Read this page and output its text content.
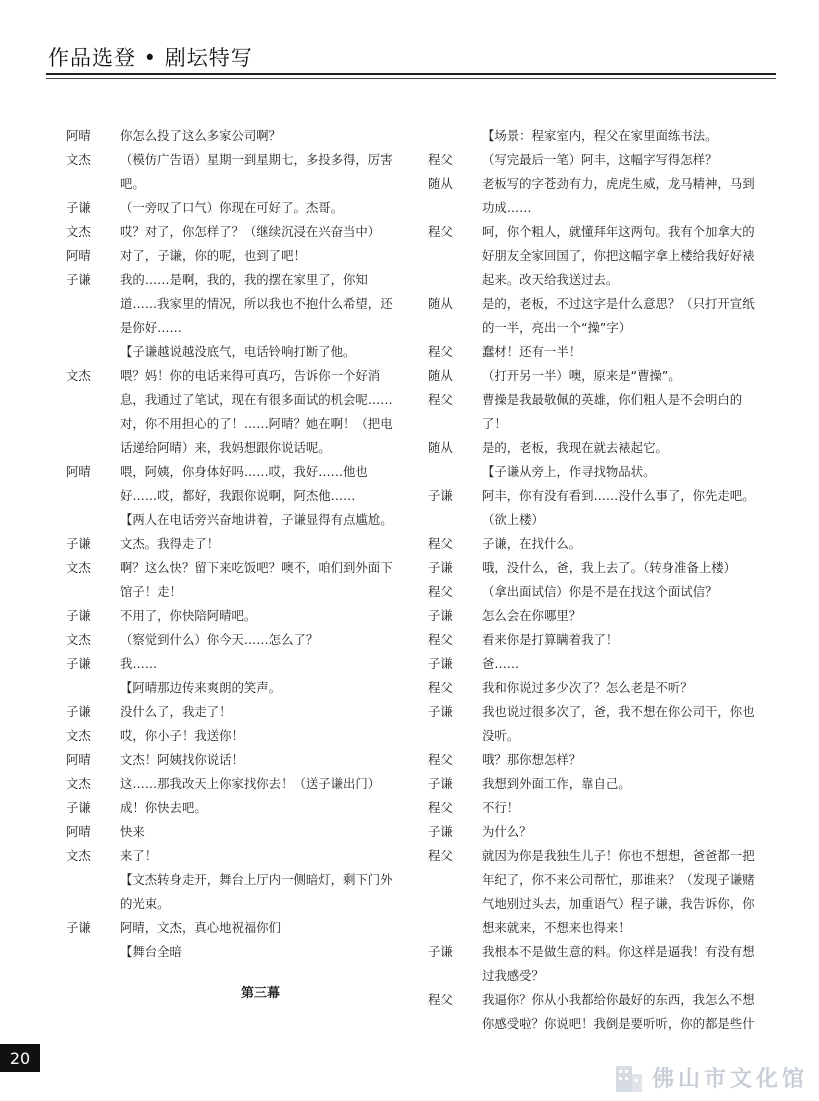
作品选登 • 剧坛特写
阿晴	你怎么投了这么多家公司啊？
文杰	（模仿广告语）星期一到星期七，多投多得，厉害吧。
子谦	（一旁叹了口气）你现在可好了。杰哥。
文杰	哎？对了，你怎样了？（继续沉浸在兴奋当中）
阿晴	对了，子谦，你的呢，也到了吧！
子谦	我的……是啊，我的，我的摆在家里了，你知道……我家里的情况，所以我也不抱什么希望，还是你好……
【子谦越说越没底气，电话铃响打断了他。
文杰	喂？妈！你的电话来得可真巧，告诉你一个好消息，我通过了笔试，现在有很多面试的机会呢……对，你不用担心的了！……阿晴？她在啊！（把电话递给阿晴）来，我妈想跟你说话呢。
阿晴	喂，阿姨，你身体好吗……哎，我好……他也好……哎，都好，我跟你说啊，阿杰他……
【两人在电话旁兴奋地讲着，子谦显得有点尴尬。
子谦	文杰。我得走了！
文杰	啊？这么快？留下来吃饭吧？噢不，咱们到外面下馆子！走！
子谦	不用了，你快陪阿晴吧。
文杰	（察觉到什么）你今天……怎么了？
子谦	我……
【阿晴那边传来爽朗的笑声。
子谦	没什么了，我走了！
文杰	哎，你小子！我送你！
阿晴	文杰！阿姨找你说话！
文杰	这……那我改天上你家找你去！（送子谦出门）
子谦	成！你快去吧。
阿晴	快来
文杰	来了！
【文杰转身走开，舞台上厅内一侧暗灯，剩下门外的光束。
子谦	阿晴，文杰，真心地祝福你们
【舞台全暗
第三幕
【场景：程家室内，程父在家里面练书法。
程父	（写完最后一笔）阿丰，这幅字写得怎样？
随从	老板写的字苍劲有力，虎虎生威，龙马精神，马到功成……
程父	呵，你个粗人，就懂拜年这两句。我有个加拿大的好朋友全家回国了，你把这幅字拿上楼给我好好裱起来。改天给我送过去。
随从	是的，老板，不过这字是什么意思？（只打开宣纸的一半，亮出一个“操”字）
程父	蠢材！还有一半！
随从	（打开另一半）噢，原来是“曹操”。
程父	曹操是我最敬佩的英雄，你们粗人是不会明白的了！
随从	是的，老板，我现在就去裱起它。
【子谦从旁上，作寻找物品状。
子谦	阿丰，你有没有看到……没什么事了，你先走吧。（欲上楼）
程父	子谦，在找什么。
子谦	哦，没什么，爸，我上去了。（转身准备上楼）
程父	（拿出面试信）你是不是在找这个面试信？
子谦	怎么会在你哪里？
程父	看来你是打算瞒着我了！
子谦	爸……
程父	我和你说过多少次了？怎么老是不听？
子谦	我也说过很多次了，爸，我不想在你公司干，你也没听。
程父	哦？那你想怎样？
子谦	我想到外面工作，靠自己。
程父	不行！
子谦	为什么？
程父	就因为你是我独生儿子！你也不想想，爸爸都一把年纪了，你不来公司帮忙，那谁来？（发现子谦赌气地别过头去，加重语气）程子谦，我告诉你，你想来就来，不想来也得来！
子谦	我根本不是做生意的料。你这样是逼我！有没有想过我感受？
程父	我逼你？你从小我都给你最好的东西，我怎么不想你感受啦？你说吧！我倒是要听听，你的都是些什
20
佛山市文化馆
